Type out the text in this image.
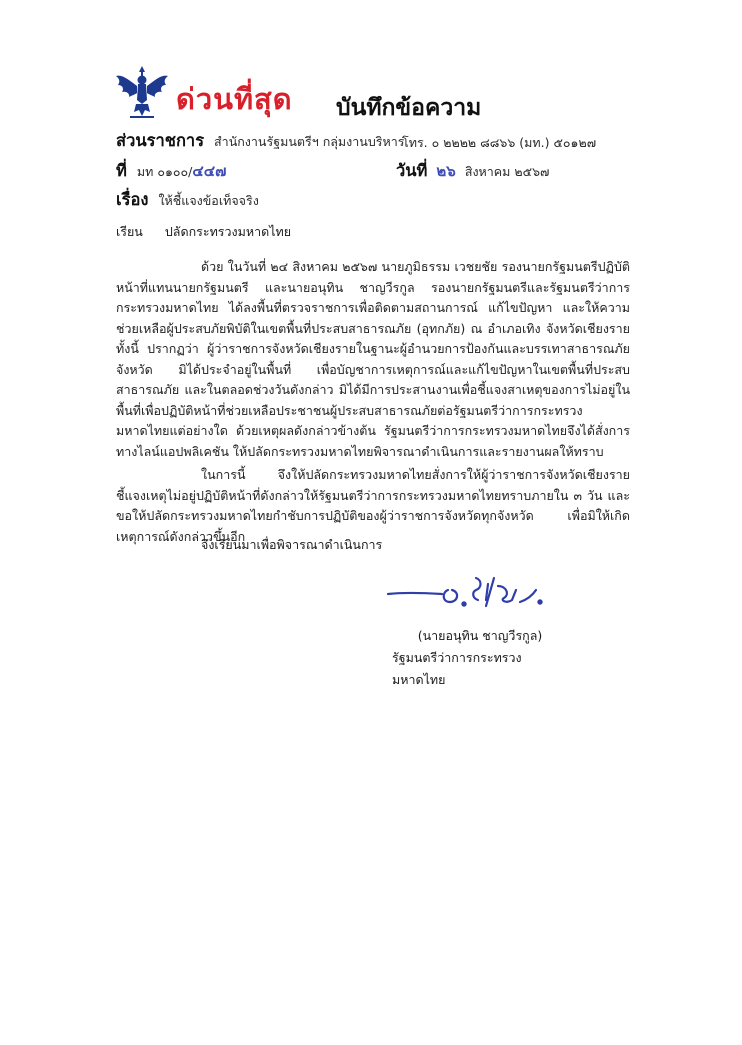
ด่วนที่สุด บันทึกข้อความ
ส่วนราชการ สำนักงานรัฐมนตรีฯ กลุ่มงานบริหาร
โทร. ๐ ๒๒๒๒ ๘๘๖๖ (มท.) ๕๐๑๒๗
ที่ มท ๐๑๐๐/๔๔๗	วันที่ ๒๖ สิงหาคม ๒๕๖๗
เรื่อง ให้ชี้แจงข้อเท็จจริง
เรียน ปลัดกระทรวงมหาดไทย
ด้วย ในวันที่ ๒๔ สิงหาคม ๒๕๖๗ นายภูมิธรรม เวชยชัย รองนายกรัฐมนตรีปฏิบัติหน้าที่แทนนายกรัฐมนตรี และนายอนุทิน ชาญวีรกูล รองนายกรัฐมนตรีและรัฐมนตรีว่าการกระทรวงมหาดไทย ได้ลงพื้นที่ตรวจราชการเพื่อติดตามสถานการณ์ แก้ไขปัญหา และให้ความช่วยเหลือผู้ประสบภัยพิบัติในเขตพื้นที่ประสบสาธารณภัย (อุทกภัย) ณ อำเภอเทิง จังหวัดเชียงราย ทั้งนี้ ปรากฏว่า ผู้ว่าราชการจังหวัดเชียงรายในฐานะผู้อำนวยการป้องกันและบรรเทาสาธารณภัยจังหวัด มิได้ประจำอยู่ในพื้นที่ เพื่อบัญชาการเหตุการณ์และแก้ไขปัญหาในเขตพื้นที่ประสบสาธารณภัย และในตลอดช่วงวันดังกล่าว มิได้มีการประสานงานเพื่อชี้แจงสาเหตุของการไม่อยู่ในพื้นที่เพื่อปฏิบัติหน้าที่ช่วยเหลือประชาชนผู้ประสบสาธารณภัยต่อรัฐมนตรีว่าการกระทรวงมหาดไทยแต่อย่างใด ด้วยเหตุผลดังกล่าวข้างต้น รัฐมนตรีว่าการกระทรวงมหาดไทยจึงได้สั่งการทางไลน์แอปพลิเคชัน ให้ปลัดกระทรวงมหาดไทยพิจารณาดำเนินการและรายงานผลให้ทราบ
ในการนี้ จึงให้ปลัดกระทรวงมหาดไทยสั่งการให้ผู้ว่าราชการจังหวัดเชียงรายชี้แจงเหตุไม่อยู่ปฏิบัติหน้าที่ดังกล่าวให้รัฐมนตรีว่าการกระทรวงมหาดไทยทราบภายใน ๓ วัน และขอให้ปลัดกระทรวงมหาดไทยกำชับการปฏิบัติของผู้ว่าราชการจังหวัดทุกจังหวัด เพื่อมิให้เกิดเหตุการณ์ดังกล่าวขึ้นอีก
จึงเรียนมาเพื่อพิจารณาดำเนินการ
(นายอนุทิน ชาญวีรกูล)
รัฐมนตรีว่าการกระทรวงมหาดไทย
